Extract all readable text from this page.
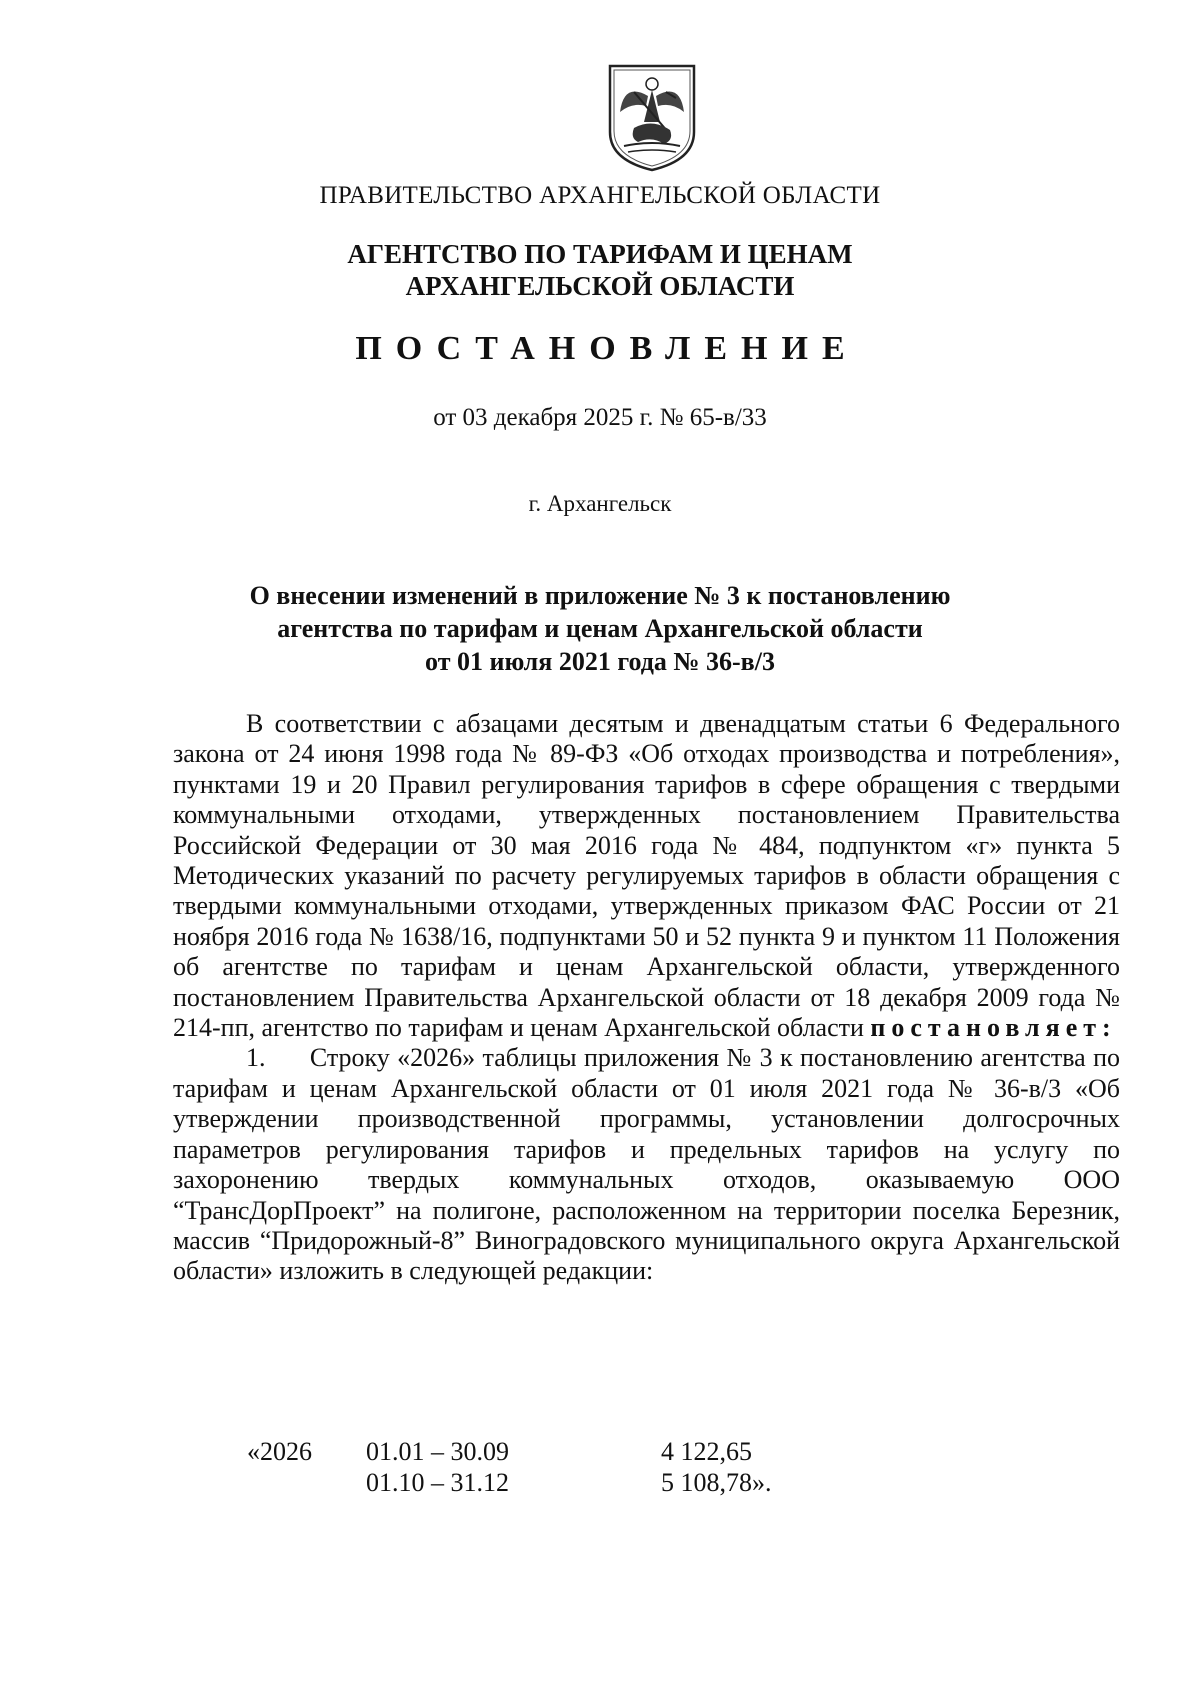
ПРАВИТЕЛЬСТВО АРХАНГЕЛЬСКОЙ ОБЛАСТИ
АГЕНТСТВО ПО ТАРИФАМ И ЦЕНАМ
АРХАНГЕЛЬСКОЙ ОБЛАСТИ
ПОСТАНОВЛЕНИЕ
от 03 декабря 2025 г. № 65-в/33
г. Архангельск
О внесении изменений в приложение № 3 к постановлению
агентства по тарифам и ценам Архангельской области
от 01 июля 2021 года № 36-в/3

В соответствии с абзацами десятым и двенадцатым статьи 6 Федерального закона от 24 июня 1998 года № 89-ФЗ «Об отходах производства и потребления», пунктами 19 и 20 Правил регулирования тарифов в сфере обращения с твердыми коммунальными отходами, утвержденных постановлением Правительства Российской Федерации от 30 мая 2016 года № 484, подпунктом «г» пункта 5 Методических указаний по расчету регулируемых тарифов в области обращения с твердыми коммунальными отходами, утвержденных приказом ФАС России от 21 ноября 2016 года № 1638/16, подпунктами 50 и 52 пункта 9 и пунктом 11 Положения об агентстве по тарифам и ценам Архангельской области, утвержденного постановлением Правительства Архангельской области от 18 декабря 2009 года № 214-пп, агентство по тарифам и ценам Архангельской области постановляет:

1.      Строку «2026» таблицы приложения № 3 к постановлению агентства по тарифам и ценам Архангельской области от 01 июля 2021 года № 36-в/3 «Об утверждении производственной программы, установлении долгосрочных параметров регулирования тарифов и предельных тарифов на услугу по захоронению твердых коммунальных отходов, оказываемую ООО “ТрансДорПроект” на полигоне, расположенном на территории поселка Березник, массив “Придорожный-8” Виноградовского муниципального округа Архангельской области» изложить в следующей редакции:

«2026 01.01 – 30.09
01.10 – 31.12
4 122,65
5 108,78».
